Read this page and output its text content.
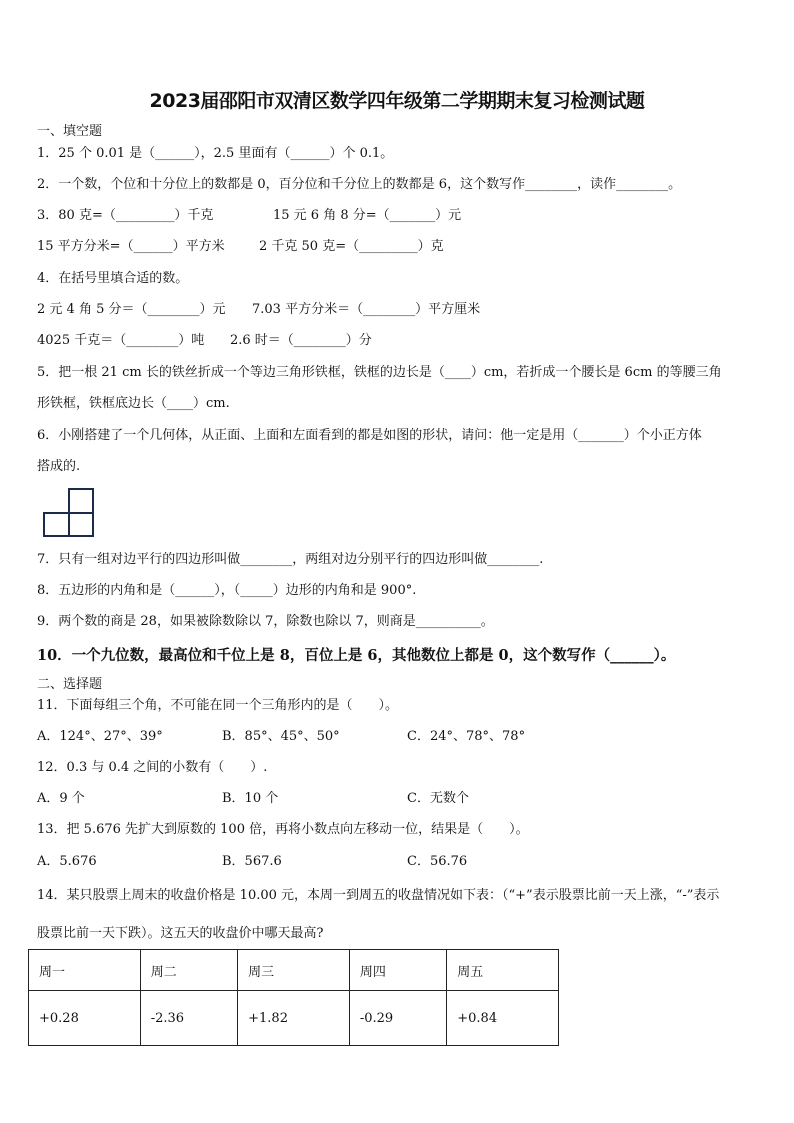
2023届邵阳市双清区数学四年级第二学期期末复习检测试题
一、填空题
1．25 个 0.01 是（______），2.5 里面有（______）个 0.1。
2．一个数，个位和十分位上的数都是 0，百分位和千分位上的数都是 6，这个数写作________，读作________。
3．80 克=（_________）千克	15 元 6 角 8 分=（_______）元
15 平方分米=（______）平方米	2 千克 50 克=（_________）克
4．在括号里填合适的数。
2 元 4 角 5 分＝（________）元 7.03 平方分米＝（________）平方厘米
4025 千克＝（________）吨 2.6 时＝（________）分
5．把一根 21 cm 长的铁丝折成一个等边三角形铁框，铁框的边长是（____）cm，若折成一个腰长是 6cm 的等腰三角
形铁框，铁框底边长（____）cm.
6．小刚搭建了一个几何体，从正面、上面和左面看到的都是如图的形状，请问：他一定是用（_______）个小正方体
搭成的.
7．只有一组对边平行的四边形叫做________，两组对边分别平行的四边形叫做________.
8．五边形的内角和是（______），（_____）边形的内角和是 900°.
9．两个数的商是 28，如果被除数除以 7，除数也除以 7，则商是__________。
10．一个九位数，最高位和千位上是 8，百位上是 6，其他数位上都是 0，这个数写作（______）。
二、选择题
11．下面每组三个角，不可能在同一个三角形内的是（　　）。
A．124°、27°、39°	B．85°、45°、50°	C．24°、78°、78°
12．0.3 与 0.4 之间的小数有（　　）.
A．9 个	B．10 个	C．无数个
13．把 5.676 先扩大到原数的 100 倍，再将小数点向左移动一位，结果是（　　）。
A．5.676	B．567.6	C．56.76
14．某只股票上周末的收盘价格是 10.00 元，本周一到周五的收盘情况如下表：（“+”表示股票比前一天上涨，“-”表示
股票比前一天下跌）。这五天的收盘价中哪天最高?
周一	周二	周三	周四	周五
+0.28	-2.36	+1.82	-0.29	+0.84
